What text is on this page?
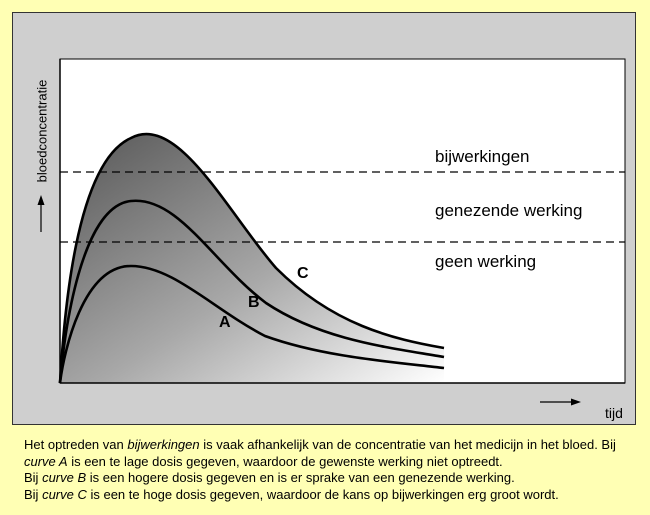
bijwerkingen
genezende werking
geen werking
C
B
A
bloedconcentratie
tijd

Het optreden van bijwerkingen is vaak afhankelijk van de concentratie van het medicijn in het bloed. Bij curve A is een te lage dosis gegeven, waardoor de gewenste werking niet optreedt.

Bij curve B is een hogere dosis gegeven en is er sprake van een genezende werking.

Bij curve C is een te hoge dosis gegeven, waardoor de kans op bijwerkingen erg groot wordt.
